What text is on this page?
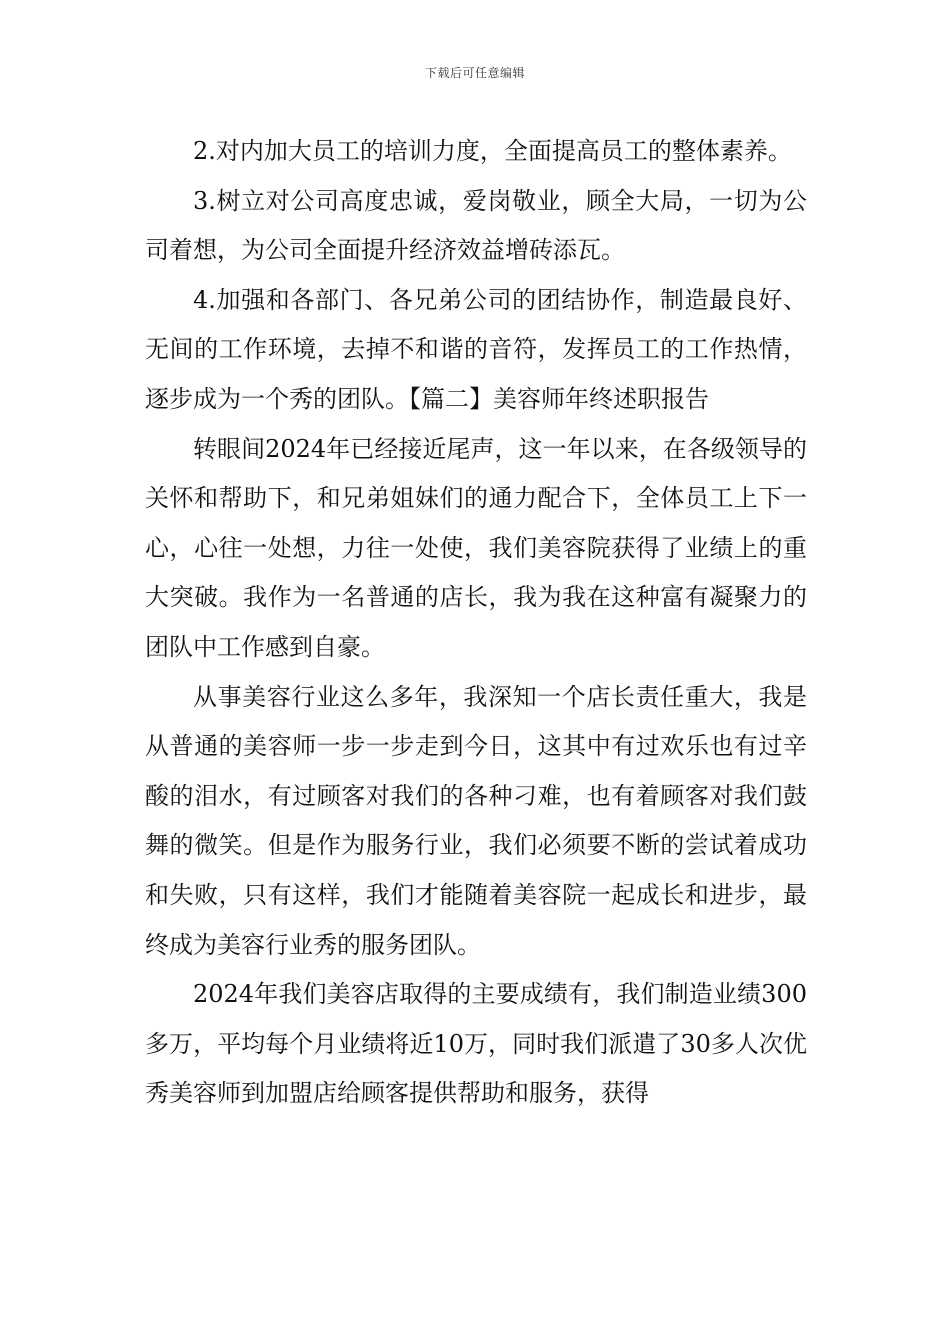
下载后可任意编辑

2.对内加大员工的培训力度，全面提高员工的整体素养。

3.树立对公司高度忠诚，爱岗敬业，顾全大局，一切为公司着想，为公司全面提升经济效益增砖添瓦。

4.加强和各部门、各兄弟公司的团结协作，制造最良好、无间的工作环境，去掉不和谐的音符，发挥员工的工作热情，逐步成为一个秀的团队。【篇二】美容师年终述职报告

转眼间2024年已经接近尾声，这一年以来，在各级领导的关怀和帮助下，和兄弟姐妹们的通力配合下，全体员工上下一心，心往一处想，力往一处使，我们美容院获得了业绩上的重大突破。我作为一名普通的店长，我为我在这种富有凝聚力的团队中工作感到自豪。

从事美容行业这么多年，我深知一个店长责任重大，我是从普通的美容师一步一步走到今日，这其中有过欢乐也有过辛酸的泪水，有过顾客对我们的各种刁难，也有着顾客对我们鼓舞的微笑。但是作为服务行业，我们必须要不断的尝试着成功和失败，只有这样，我们才能随着美容院一起成长和进步，最终成为美容行业秀的服务团队。

2024年我们美容店取得的主要成绩有，我们制造业绩300多万，平均每个月业绩将近10万，同时我们派遣了30多人次优秀美容师到加盟店给顾客提供帮助和服务，获得
